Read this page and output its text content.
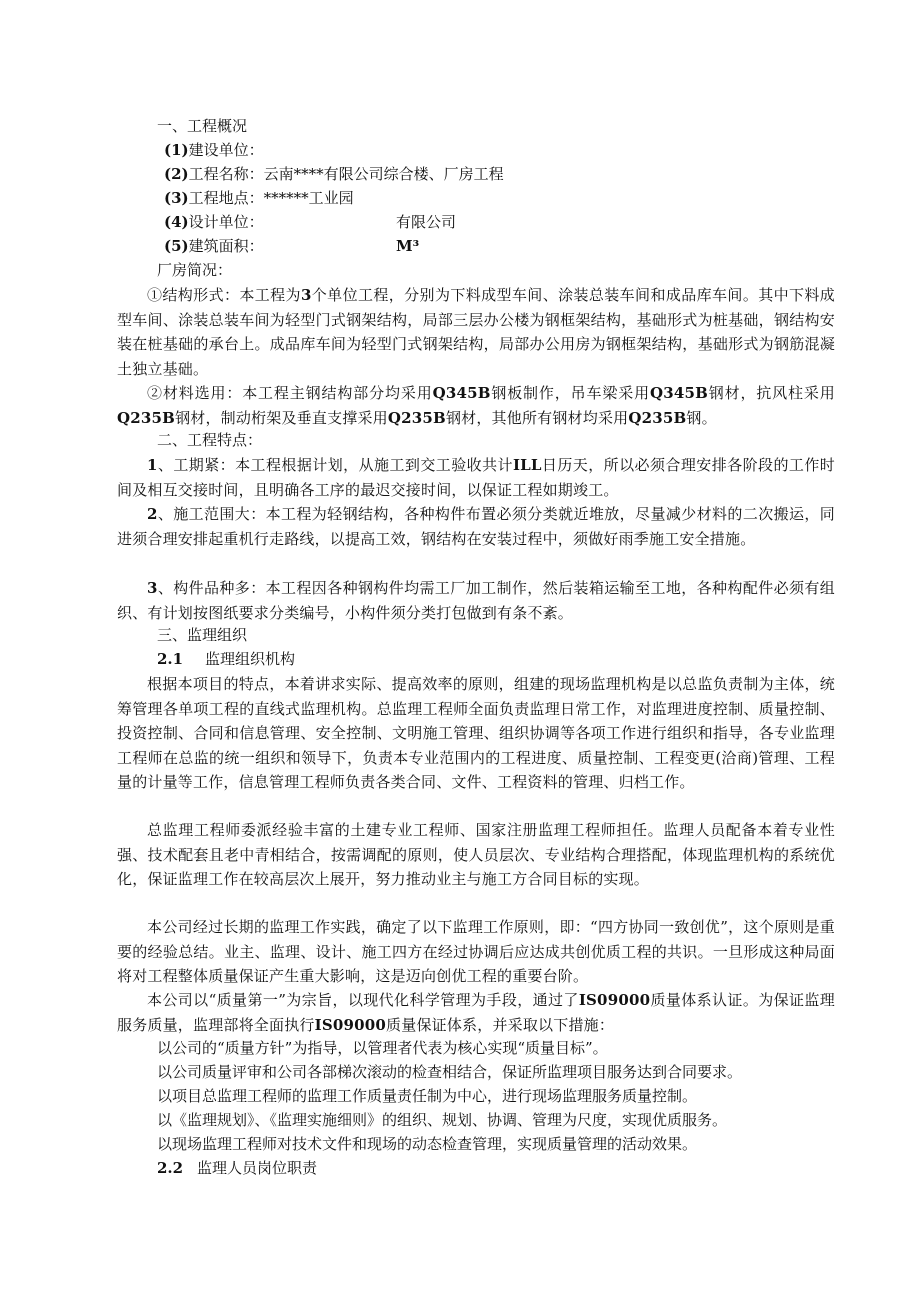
一、工程概况
(1)建设单位：
(2)工程名称：云南****有限公司综合楼、厂房工程
(3)工程地点：******工业园
(4)设计单位：	有限公司
(5)建筑面积：	M³
厂房简况：
①结构形式：本工程为3个单位工程，分别为下料成型车间、涂装总装车间和成品库车间。其中下料成型车间、涂装总装车间为轻型门式钢架结构，局部三层办公楼为钢框架结构，基础形式为桩基础，钢结构安装在桩基础的承台上。成品库车间为轻型门式钢架结构，局部办公用房为钢框架结构，基础形式为钢筋混凝土独立基础。
②材料选用：本工程主钢结构部分均采用Q345B钢板制作，吊车梁采用Q345B钢材，抗风柱采用Q235B钢材，制动桁架及垂直支撑采用Q235B钢材，其他所有钢材均采用Q235B钢。
二、工程特点：
1、工期紧：本工程根据计划，从施工到交工验收共计ILL日历天，所以必须合理安排各阶段的工作时间及相互交接时间，且明确各工序的最迟交接时间，以保证工程如期竣工。
2、施工范围大：本工程为轻钢结构，各种构件布置必须分类就近堆放，尽量减少材料的二次搬运，同进须合理安排起重机行走路线，以提高工效，钢结构在安装过程中，须做好雨季施工安全措施。
3、构件品种多：本工程因各种钢构件均需工厂加工制作，然后装箱运输至工地，各种构配件必须有组织、有计划按图纸要求分类编号，小构件须分类打包做到有条不紊。
三、监理组织
2.1 监理组织机构
根据本项目的特点，本着讲求实际、提高效率的原则，组建的现场监理机构是以总监负责制为主体，统筹管理各单项工程的直线式监理机构。总监理工程师全面负责监理日常工作，对监理进度控制、质量控制、投资控制、合同和信息管理、安全控制、文明施工管理、组织协调等各项工作进行组织和指导，各专业监理工程师在总监的统一组织和领导下，负责本专业范围内的工程进度、质量控制、工程变更(洽商)管理、工程量的计量等工作，信息管理工程师负责各类合同、文件、工程资料的管理、归档工作。
总监理工程师委派经验丰富的土建专业工程师、国家注册监理工程师担任。监理人员配备本着专业性强、技术配套且老中青相结合，按需调配的原则，使人员层次、专业结构合理搭配，体现监理机构的系统优化，保证监理工作在较高层次上展开，努力推动业主与施工方合同目标的实现。
本公司经过长期的监理工作实践，确定了以下监理工作原则，即：“四方协同一致创优”，这个原则是重要的经验总结。业主、监理、设计、施工四方在经过协调后应达成共创优质工程的共识。一旦形成这种局面将对工程整体质量保证产生重大影响，这是迈向创优工程的重要台阶。
本公司以“质量第一”为宗旨，以现代化科学管理为手段，通过了IS09000质量体系认证。为保证监理服务质量，监理部将全面执行IS09000质量保证体系，并采取以下措施：
以公司的“质量方针”为指导，以管理者代表为核心实现“质量目标”。
以公司质量评审和公司各部梯次滚动的检查相结合，保证所监理项目服务达到合同要求。
以项目总监理工程师的监理工作质量责任制为中心，进行现场监理服务质量控制。
以《监理规划》、《监理实施细则》的组织、规划、协调、管理为尺度，实现优质服务。
以现场监理工程师对技术文件和现场的动态检查管理，实现质量管理的活动效果。
2.2 监理人员岗位职责
